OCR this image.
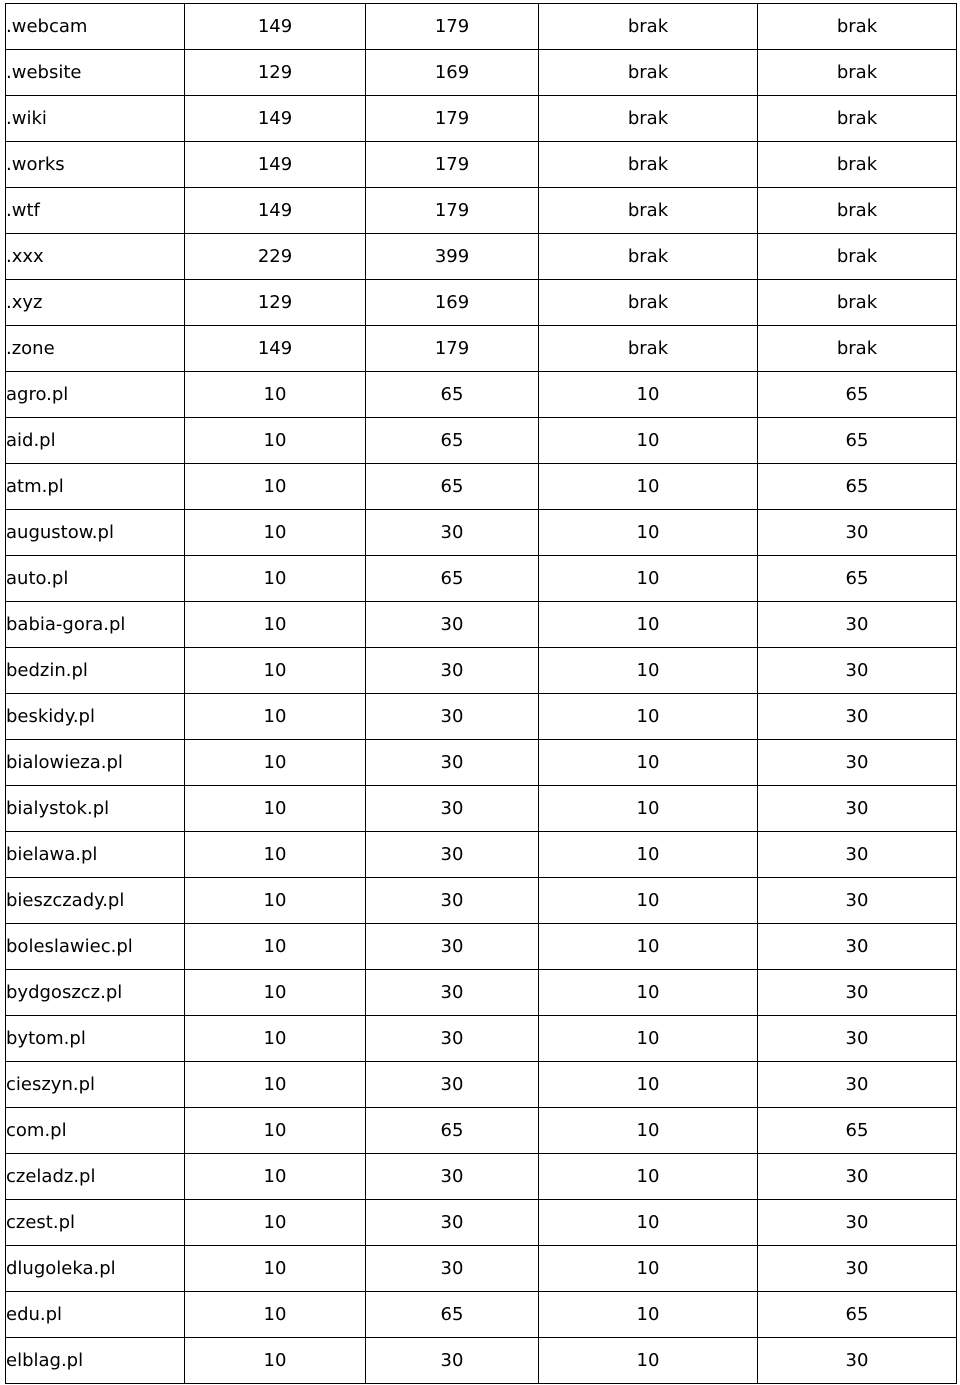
.webcam	149	179	brak	brak
.website	129	169	brak	brak
.wiki	149	179	brak	brak
.works	149	179	brak	brak
.wtf	149	179	brak	brak
.xxx	229	399	brak	brak
.xyz	129	169	brak	brak
.zone	149	179	brak	brak
agro.pl	10	65	10	65
aid.pl	10	65	10	65
atm.pl	10	65	10	65
augustow.pl	10	30	10	30
auto.pl	10	65	10	65
babia-gora.pl	10	30	10	30
bedzin.pl	10	30	10	30
beskidy.pl	10	30	10	30
bialowieza.pl	10	30	10	30
bialystok.pl	10	30	10	30
bielawa.pl	10	30	10	30
bieszczady.pl	10	30	10	30
boleslawiec.pl	10	30	10	30
bydgoszcz.pl	10	30	10	30
bytom.pl	10	30	10	30
cieszyn.pl	10	30	10	30
com.pl	10	65	10	65
czeladz.pl	10	30	10	30
czest.pl	10	30	10	30
dlugoleka.pl	10	30	10	30
edu.pl	10	65	10	65
elblag.pl	10	30	10	30
